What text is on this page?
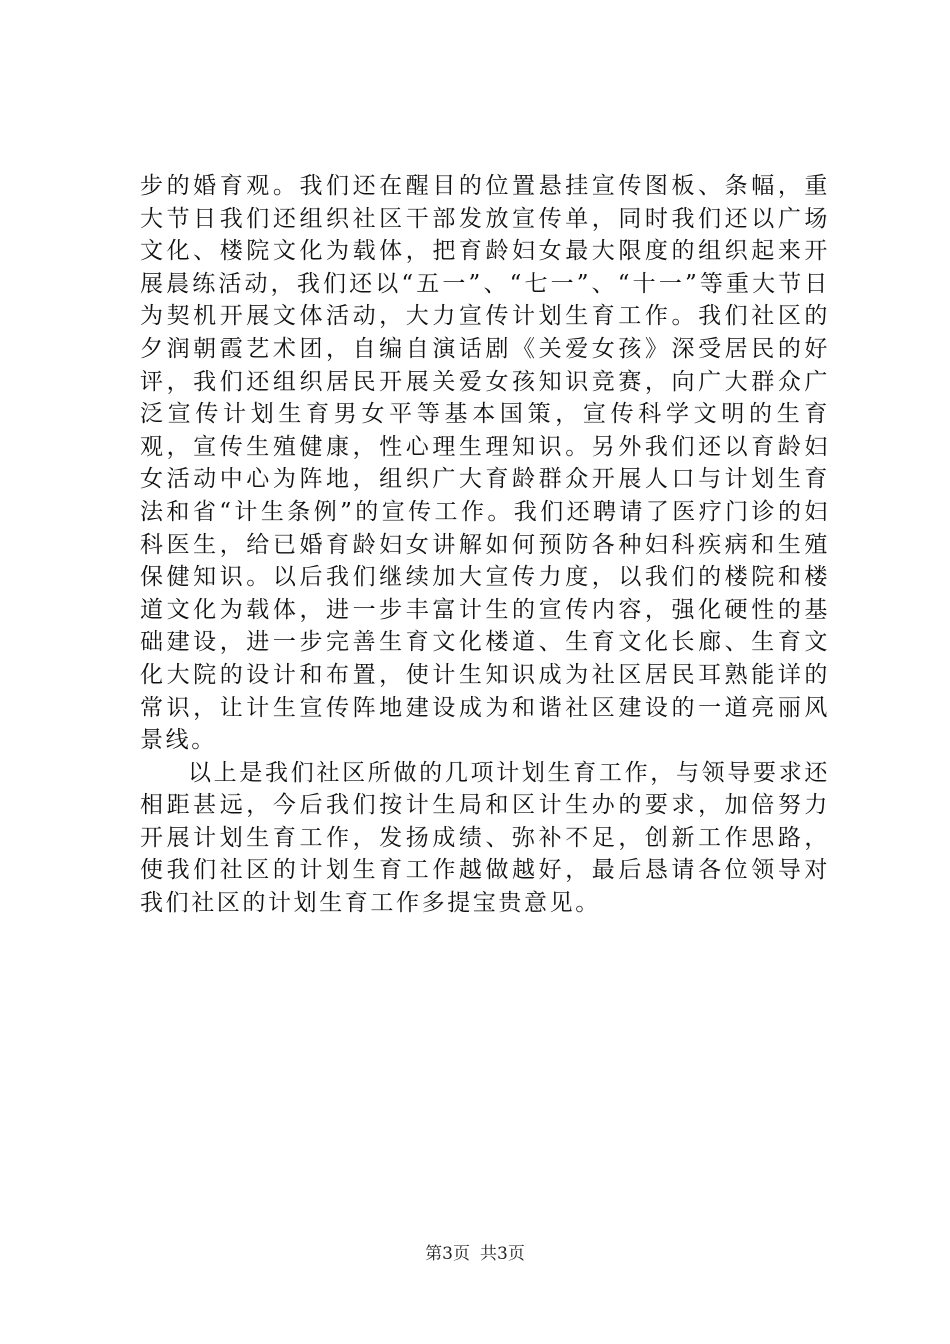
步的婚育观。我们还在醒目的位置悬挂宣传图板、条幅，重大节日我们还组织社区干部发放宣传单，同时我们还以广场文化、楼院文化为载体，把育龄妇女最大限度的组织起来开展晨练活动，我们还以“五一”、“七一”、“十一”等重大节日为契机开展文体活动，大力宣传计划生育工作。我们社区的夕润朝霞艺术团，自编自演话剧《关爱女孩》深受居民的好评，我们还组织居民开展关爱女孩知识竞赛，向广大群众广泛宣传计划生育男女平等基本国策，宣传科学文明的生育观，宣传生殖健康，性心理生理知识。另外我们还以育龄妇女活动中心为阵地，组织广大育龄群众开展人口与计划生育法和省“计生条例”的宣传工作。我们还聘请了医疗门诊的妇科医生，给已婚育龄妇女讲解如何预防各种妇科疾病和生殖保健知识。以后我们继续加大宣传力度，以我们的楼院和楼道文化为载体，进一步丰富计生的宣传内容，强化硬性的基础建设，进一步完善生育文化楼道、生育文化长廊、生育文化大院的设计和布置，使计生知识成为社区居民耳熟能详的常识，让计生宣传阵地建设成为和谐社区建设的一道亮丽风景线。

以上是我们社区所做的几项计划生育工作，与领导要求还相距甚远，今后我们按计生局和区计生办的要求，加倍努力开展计划生育工作，发扬成绩、弥补不足，创新工作思路，使我们社区的计划生育工作越做越好，最后恳请各位领导对我们社区的计划生育工作多提宝贵意见。

第3页 共3页
